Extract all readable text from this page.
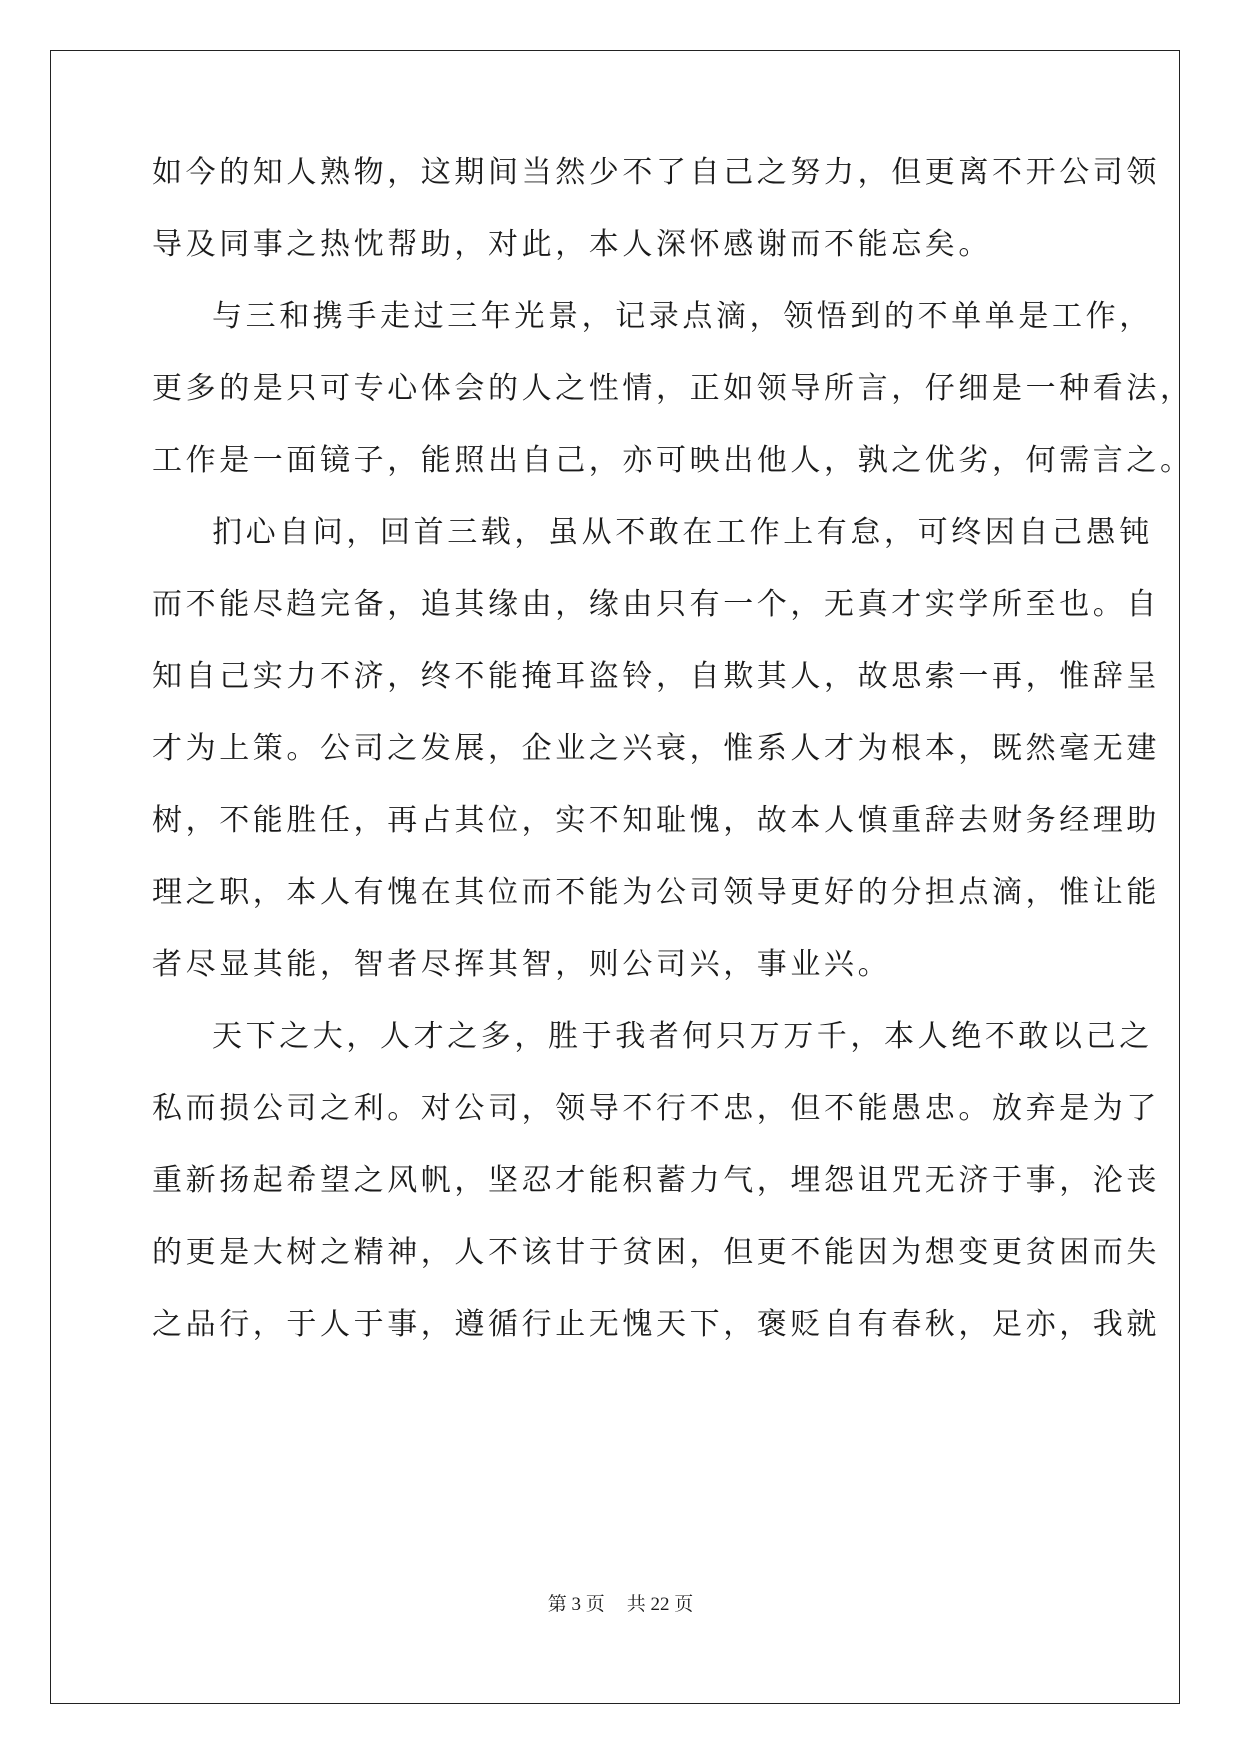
如今的知人熟物，这期间当然少不了自己之努力，但更离不开公司领
导及同事之热忱帮助，对此，本人深怀感谢而不能忘矣。
与三和携手走过三年光景，记录点滴，领悟到的不单单是工作，
更多的是只可专心体会的人之性情，正如领导所言，仔细是一种看法，
工作是一面镜子，能照出自己，亦可映出他人，孰之优劣，何需言之。
扪心自问，回首三载，虽从不敢在工作上有怠，可终因自己愚钝
而不能尽趋完备，追其缘由，缘由只有一个，无真才实学所至也。自
知自己实力不济，终不能掩耳盗铃，自欺其人，故思索一再，惟辞呈
才为上策。公司之发展，企业之兴衰，惟系人才为根本，既然毫无建
树，不能胜任，再占其位，实不知耻愧，故本人慎重辞去财务经理助
理之职，本人有愧在其位而不能为公司领导更好的分担点滴，惟让能
者尽显其能，智者尽挥其智，则公司兴，事业兴。
天下之大，人才之多，胜于我者何只万万千，本人绝不敢以己之
私而损公司之利。对公司，领导不行不忠，但不能愚忠。放弃是为了
重新扬起希望之风帆，坚忍才能积蓄力气，埋怨诅咒无济于事，沦丧
的更是大树之精神，人不该甘于贫困，但更不能因为想变更贫困而失
之品行，于人于事，遵循行止无愧天下，褒贬自有春秋，足亦，我就
第 3 页 共 22 页
